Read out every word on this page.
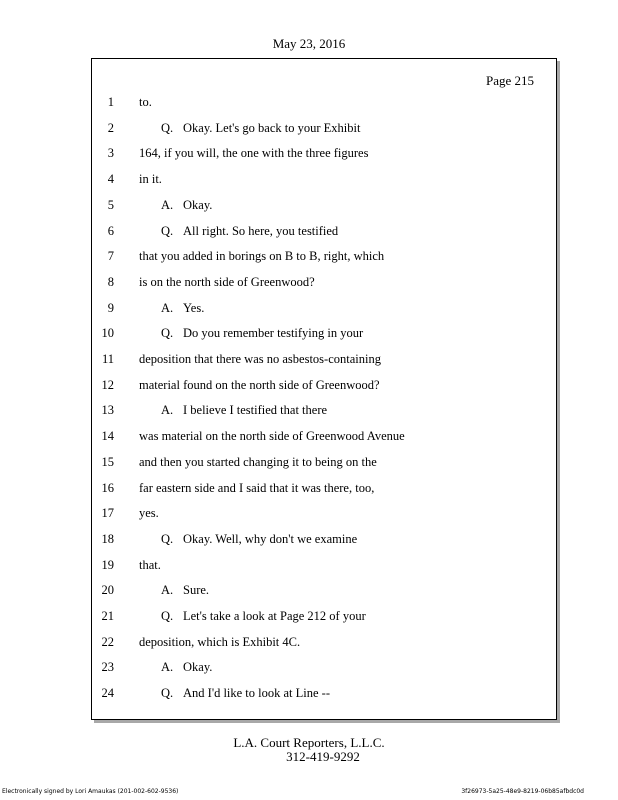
May 23, 2016
Page 215
1 to.
2	Q. Okay. Let's go back to your Exhibit
3 164, if you will, the one with the three figures
4 in it.
5	A. Okay.
6	Q. All right. So here, you testified
7 that you added in borings on B to B, right, which
8 is on the north side of Greenwood?
9	A. Yes.
10	Q. Do you remember testifying in your
11 deposition that there was no asbestos-containing
12 material found on the north side of Greenwood?
13	A. I believe I testified that there
14 was material on the north side of Greenwood Avenue
15 and then you started changing it to being on the
16 far eastern side and I said that it was there, too,
17 yes.
18	Q. Okay. Well, why don't we examine
19 that.
20	A. Sure.
21	Q. Let's take a look at Page 212 of your
22 deposition, which is Exhibit 4C.
23	A. Okay.
24	Q. And I'd like to look at Line --
L.A. Court Reporters, L.L.C.
312-419-9292
Electronically signed by Lori Amaukas (201-002-602-9536)	3f26973-5a25-48e9-8219-06b85afbdc0d
